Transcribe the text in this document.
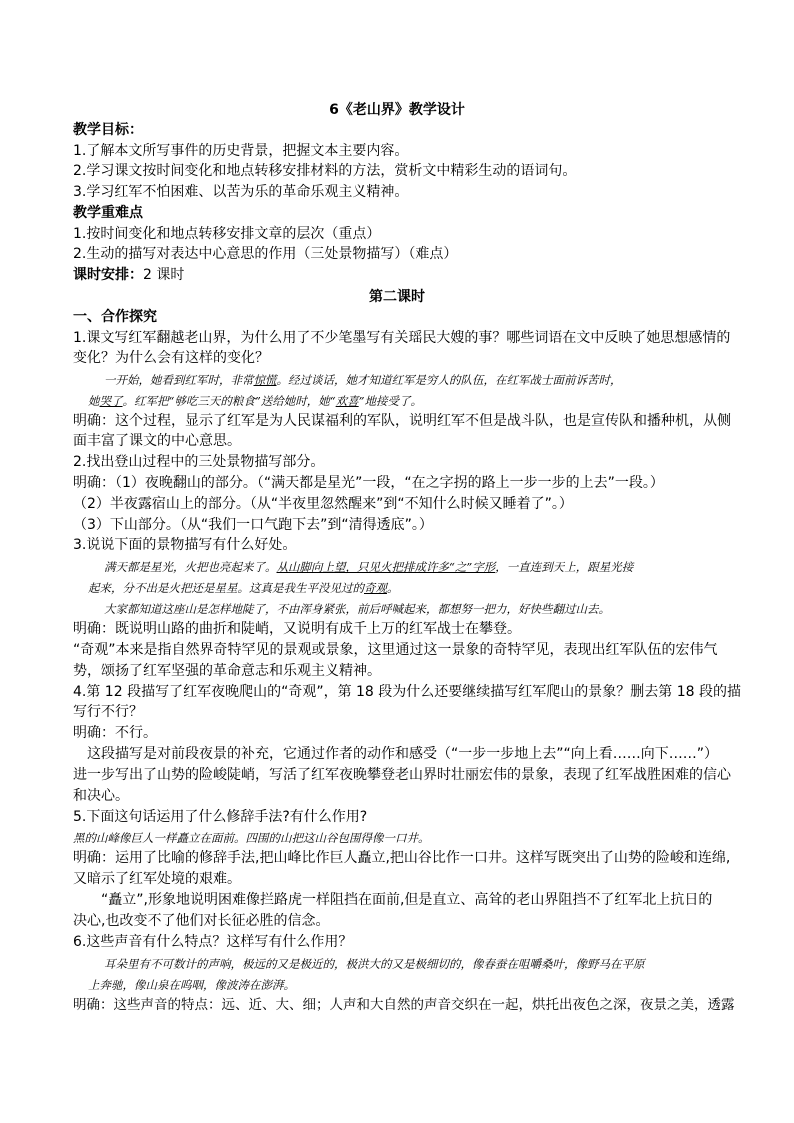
6《老山界》教学设计
教学目标：
1.了解本文所写事件的历史背景，把握文本主要内容。
2.学习课文按时间变化和地点转移安排材料的方法，赏析文中精彩生动的语词句。
3.学习红军不怕困难、以苦为乐的革命乐观主义精神。
教学重难点
1.按时间变化和地点转移安排文章的层次（重点）
2.生动的描写对表达中心意思的作用（三处景物描写）（难点）
课时安排：2 课时
第二课时
一、合作探究
1.课文写红军翻越老山界，为什么用了不少笔墨写有关瑶民大嫂的事？哪些词语在文中反映了她思想感情的
变化？为什么会有这样的变化？
一开始，她看到红军时，非常惊慌。经过谈话，她才知道红军是穷人的队伍，在红军战士面前诉苦时，
她哭了。红军把“够吃三天的粮食”送给她时，她“欢喜”地接受了。
明确：这个过程，显示了红军是为人民谋福利的军队，说明红军不但是战斗队，也是宣传队和播种机，从侧
面丰富了课文的中心意思。
2.找出登山过程中的三处景物描写部分。
明确：（1）夜晚翻山的部分。（“满天都是星光”一段，“在之字拐的路上一步一步的上去”一段。）
（2）半夜露宿山上的部分。（从“半夜里忽然醒来”到“不知什么时候又睡着了”。）
（3）下山部分。（从“我们一口气跑下去”到“清得透底”。）
3.说说下面的景物描写有什么好处。
满天都是星光，火把也亮起来了。从山脚向上望，只见火把排成许多“之”字形，一直连到天上，跟星光接
起来，分不出是火把还是星星。这真是我生平没见过的奇观。
大家都知道这座山是怎样地陡了，不由浑身紧张，前后呼喊起来，都想努一把力，好快些翻过山去。
明确：既说明山路的曲折和陡峭，又说明有成千上万的红军战士在攀登。
“奇观”本来是指自然界奇特罕见的景观或景象，这里通过这一景象的奇特罕见，表现出红军队伍的宏伟气
势，颂扬了红军坚强的革命意志和乐观主义精神。
4.第 12 段描写了红军夜晚爬山的“奇观”，第 18 段为什么还要继续描写红军爬山的景象？删去第 18 段的描
写行不行？
明确：不行。
这段描写是对前段夜景的补充，它通过作者的动作和感受（“一步一步地上去”“向上看……向下……”）
进一步写出了山势的险峻陡峭，写活了红军夜晚攀登老山界时壮丽宏伟的景象，表现了红军战胜困难的信心
和决心。
5.下面这句话运用了什么修辞手法?有什么作用?
黑的山峰像巨人一样矗立在面前。四围的山把这山谷包围得像一口井。
明确：运用了比喻的修辞手法,把山峰比作巨人矗立,把山谷比作一口井。这样写既突出了山势的险峻和连绵,
又暗示了红军处境的艰难。
“矗立”,形象地说明困难像拦路虎一样阻挡在面前,但是直立、高耸的老山界阻挡不了红军北上抗日的
决心,也改变不了他们对长征必胜的信念。
6.这些声音有什么特点？这样写有什么作用？
耳朵里有不可数计的声响，极远的又是极近的，极洪大的又是极细切的，像春蚕在咀嚼桑叶，像野马在平原
上奔驰，像山泉在呜咽，像波涛在澎湃。
明确：这些声音的特点：远、近、大、细；人声和大自然的声音交织在一起，烘托出夜色之深，夜景之美，透露
